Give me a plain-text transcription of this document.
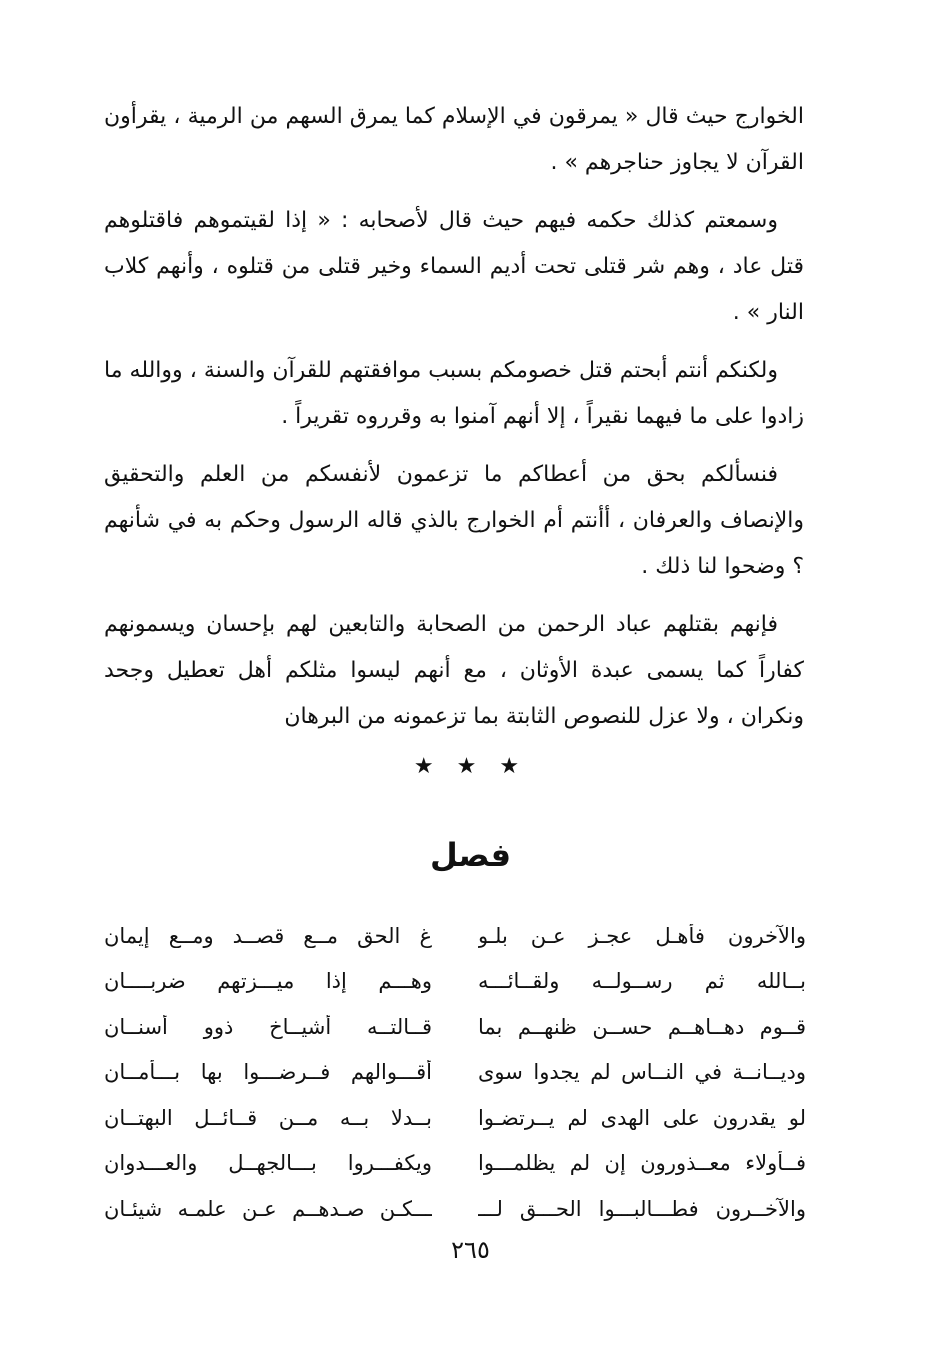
الخوارج حيث قال « يمرقون في الإسلام كما يمرق السهم من الرمية ، يقرأون القرآن لا يجاوز حناجرهم » .

وسمعتم كذلك حكمه فيهم حيث قال لأصحابه : « إذا لقيتموهم فاقتلوهم قتل عاد ، وهم شر قتلى تحت أديم السماء وخير قتلى من قتلوه ، وأنهم كلاب النار » .

ولكنكم أنتم أبحتم قتل خصومكم بسبب موافقتهم للقرآن والسنة ، ووالله ما زادوا على ما فيهما نقيراً ، إلا أنهم آمنوا به وقرروه تقريراً .

فنسألكم بحق من أعطاكم ما تزعمون لأنفسكم من العلم والتحقيق والإنصاف والعرفان ، أأنتم أم الخوارج بالذي قاله الرسول وحكم به في شأنهم ؟ وضحوا لنا ذلك .

فإنهم بقتلهم عباد الرحمن من الصحابة والتابعين لهم بإحسان ويسمونهم كفاراً كما يسمى عبدة الأوثان ، مع أنهم ليسوا مثلكم أهل تعطيل وجحد ونكران ، ولا عزل للنصوص الثابتة بما تزعمونه من البرهان

★ ★ ★
فصل
والآخرون فأهـل عجـز عـن بلـو
غ الحق مــع قصــد ومــع إيمان
بــالله ثم رســولــه ولقــائـــه
وهـــم إذا ميـــزتهم ضربــــان
قــوم دهــاهــم حســن ظنهــم بما
قــالتــه أشيــاخ ذوو أسنــان
وديــانــة في النــاس لم يجدوا سوى
أقـــوالهم فــرضـــوا بها بـــأمــان
لو يقدرون على الهدى لم يــرتضـوا
بــدلا بــه مــن قــائــل البهتــان
فــأولاء معــذورون إن لم يظلمـــوا
ويكفـــروا بـــالجهــل والعـــدوان
والآخــرون فطـــالبـــوا الحـــق لـــ
ـــكـن صـدهــم عـن علمـه شيئـان
٢٦٥
